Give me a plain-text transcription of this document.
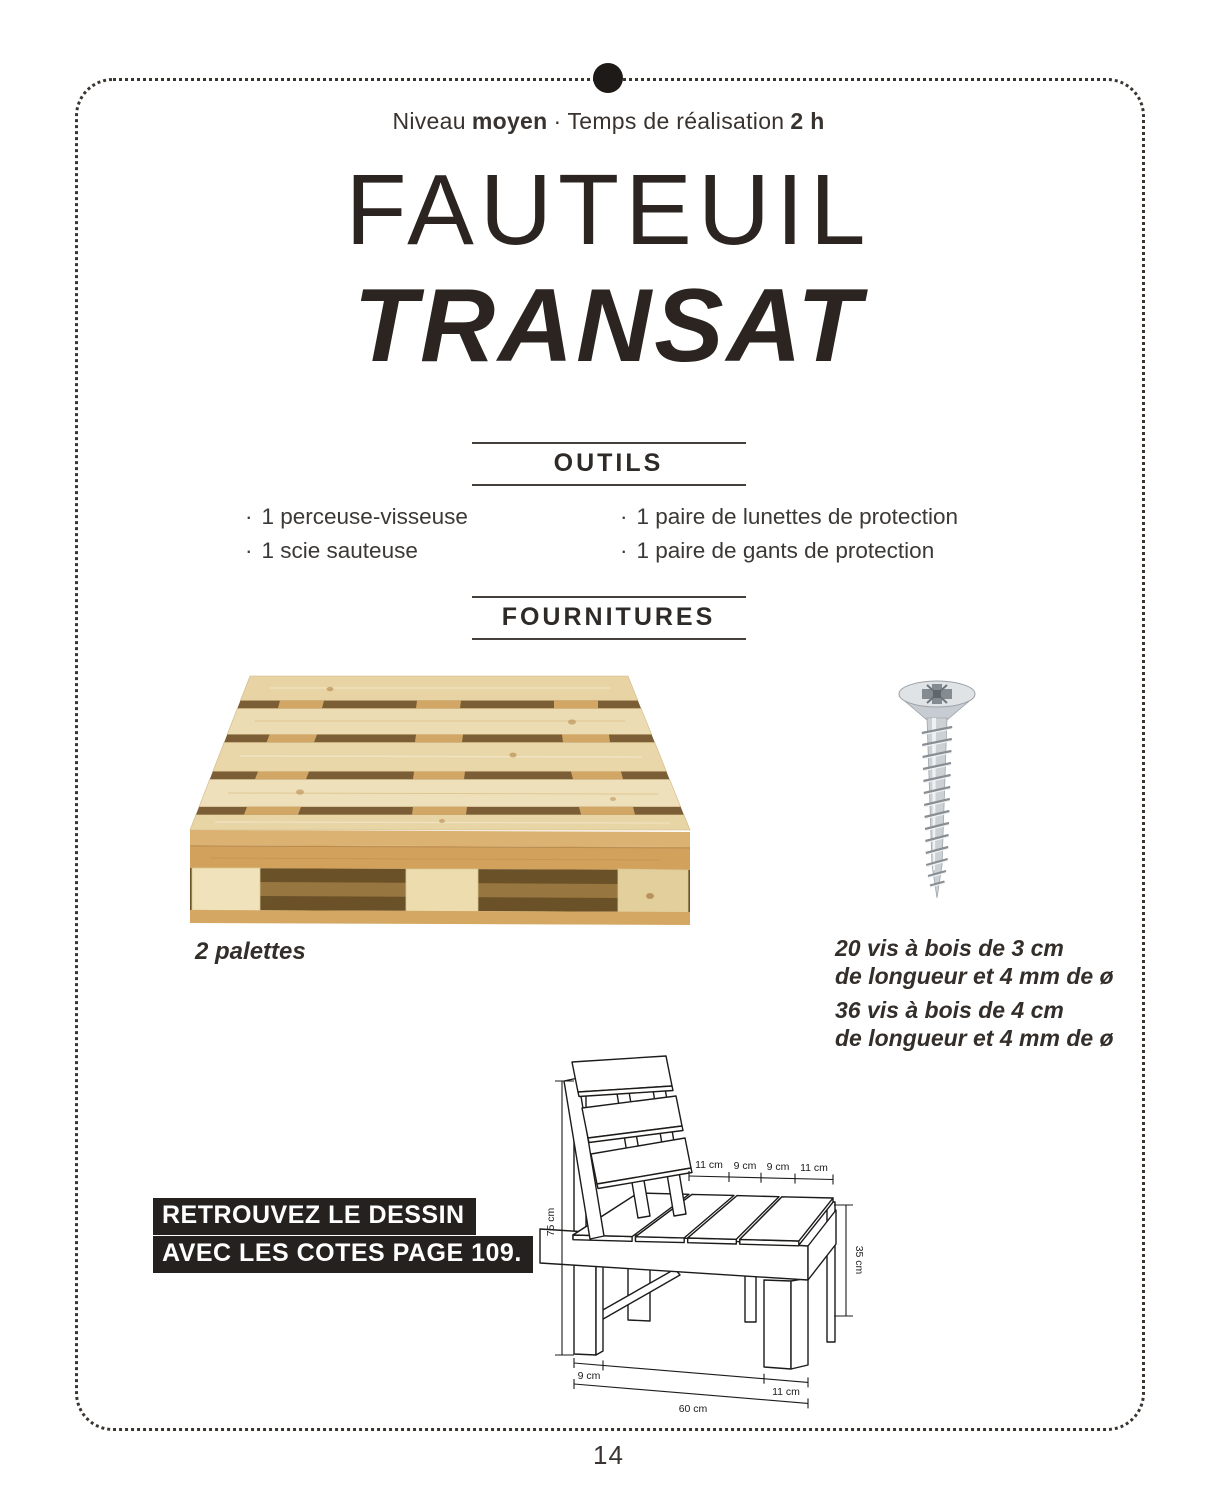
Niveau moyen · Temps de réalisation 2 h
FAUTEUIL
TRANSAT
OUTILS
· 1 perceuse-visseuse
· 1 scie sauteuse
· 1 paire de lunettes de protection
· 1 paire de gants de protection
FOURNITURES
2 palettes	20 vis à bois de 3 cm
de longueur et 4 mm de ø
36 vis à bois de 4 cm
de longueur et 4 mm de ø
RETROUVEZ LE DESSIN
AVEC LES COTES PAGE 109.
75 cm
11 cm 9 cm 9 cm 11 cm
35 cm
9 cm
11 cm
60 cm
14
